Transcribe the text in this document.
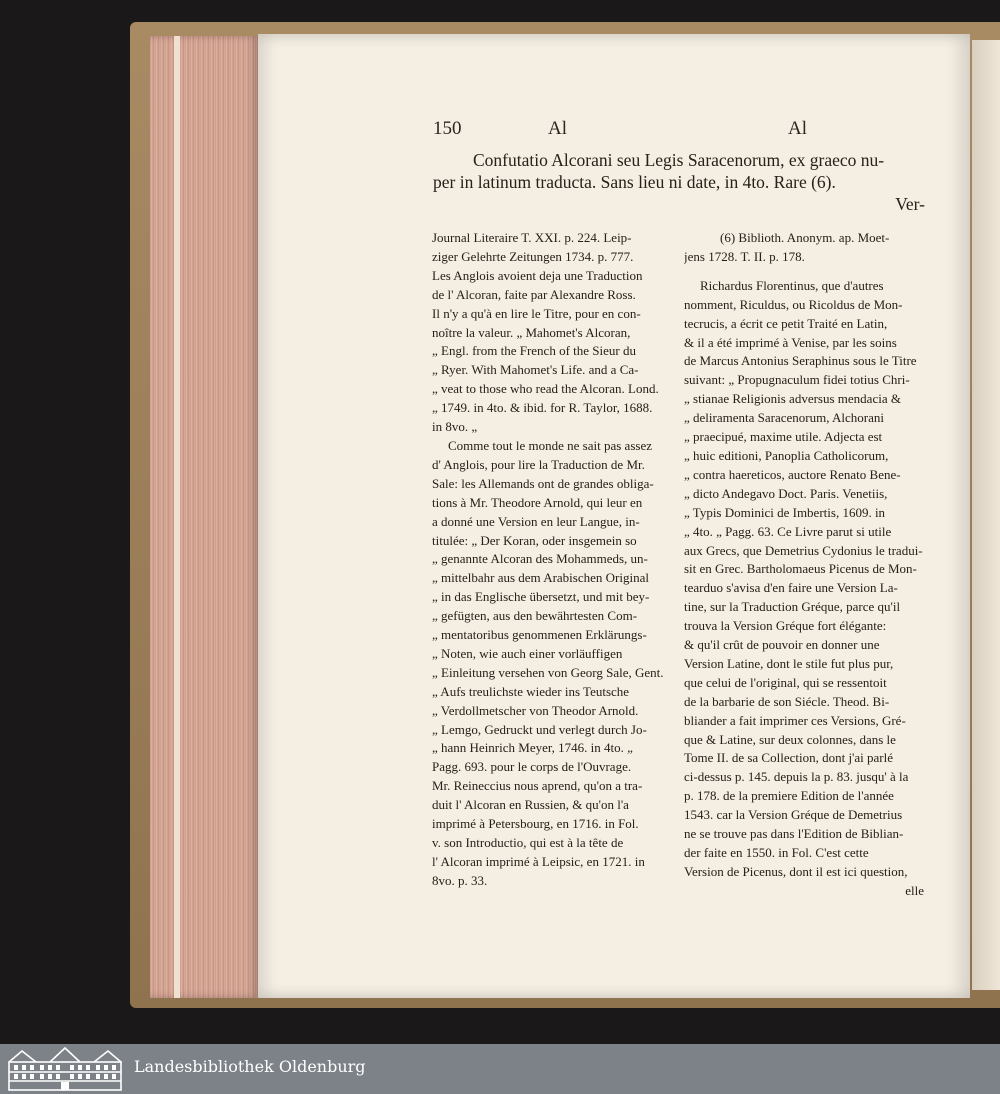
150	Al	Al
Confutatio Alcorani seu Legis Saracenorum, ex graeco nu-
per in latinum traducta. Sans lieu ni date, in 4to. Rare (6).
Ver-
Journal Literaire T. XXI. p. 224. Leip-
ziger Gelehrte Zeitungen 1734. p. 777.
Les Anglois avoient deja une Traduction
de l' Alcoran, faite par Alexandre Ross.
Il n'y a qu'à en lire le Titre, pour en con-
noître la valeur. „ Mahomet's Alcoran,
„ Engl. from the French of the Sieur du
„ Ryer. With Mahomet's Life. and a Ca-
„ veat to those who read the Alcoran. Lond.
„ 1749. in 4to. & ibid. for R. Taylor, 1688.
in 8vo. „
Comme tout le monde ne sait pas assez
d' Anglois, pour lire la Traduction de Mr.
Sale: les Allemands ont de grandes obliga-
tions à Mr. Theodore Arnold, qui leur en
a donné une Version en leur Langue, in-
titulée: „ Der Koran, oder insgemein so
„ genannte Alcoran des Mohammeds, un-
„ mittelbahr aus dem Arabischen Original
„ in das Englische übersetzt, und mit bey-
„ gefügten, aus den bewährtesten Com-
„ mentatoribus genommenen Erklärungs-
„ Noten, wie auch einer vorläuffigen
„ Einleitung versehen von Georg Sale, Gent.
„ Aufs treulichste wieder ins Teutsche
„ Verdollmetscher von Theodor Arnold.
„ Lemgo, Gedruckt und verlegt durch Jo-
„ hann Heinrich Meyer, 1746. in 4to. „
Pagg. 693. pour le corps de l'Ouvrage.
Mr. Reineccius nous aprend, qu'on a tra-
duit l' Alcoran en Russien, & qu'on l'a
imprimé à Petersbourg, en 1716. in Fol.
v. son Introductio, qui est à la tête de
l' Alcoran imprimé à Leipsic, en 1721. in
8vo. p. 33.
(6) Biblioth. Anonym. ap. Moet-
jens 1728. T. II. p. 178.
Richardus Florentinus, que d'autres
nomment, Riculdus, ou Ricoldus de Mon-
tecrucis, a écrit ce petit Traité en Latin,
& il a été imprimé à Venise, par les soins
de Marcus Antonius Seraphinus sous le Titre
suivant: „ Propugnaculum fidei totius Chri-
„ stianae Religionis adversus mendacia &
„ deliramenta Saracenorum, Alchorani
„ praecipué, maxime utile. Adjecta est
„ huic editioni, Panoplia Catholicorum,
„ contra haereticos, auctore Renato Bene-
„ dicto Andegavo Doct. Paris. Venetiis,
„ Typis Dominici de Imbertis, 1609. in
„ 4to. „ Pagg. 63. Ce Livre parut si utile
aux Grecs, que Demetrius Cydonius le tradui-
sit en Grec. Bartholomaeus Picenus de Mon-
tearduo s'avisa d'en faire une Version La-
tine, sur la Traduction Gréque, parce qu'il
trouva la Version Gréque fort élégante:
& qu'il crût de pouvoir en donner une
Version Latine, dont le stile fut plus pur,
que celui de l'original, qui se ressentoit
de la barbarie de son Siécle. Theod. Bi-
bliander a fait imprimer ces Versions, Gré-
que & Latine, sur deux colonnes, dans le
Tome II. de sa Collection, dont j'ai parlé
ci-dessus p. 145. depuis la p. 83. jusqu' à la
p. 178. de la premiere Edition de l'année
1543. car la Version Gréque de Demetrius
ne se trouve pas dans l'Edition de Biblian-
der faite en 1550. in Fol. C'est cette
Version de Picenus, dont il est ici question,
elle
Landesbibliothek Oldenburg
